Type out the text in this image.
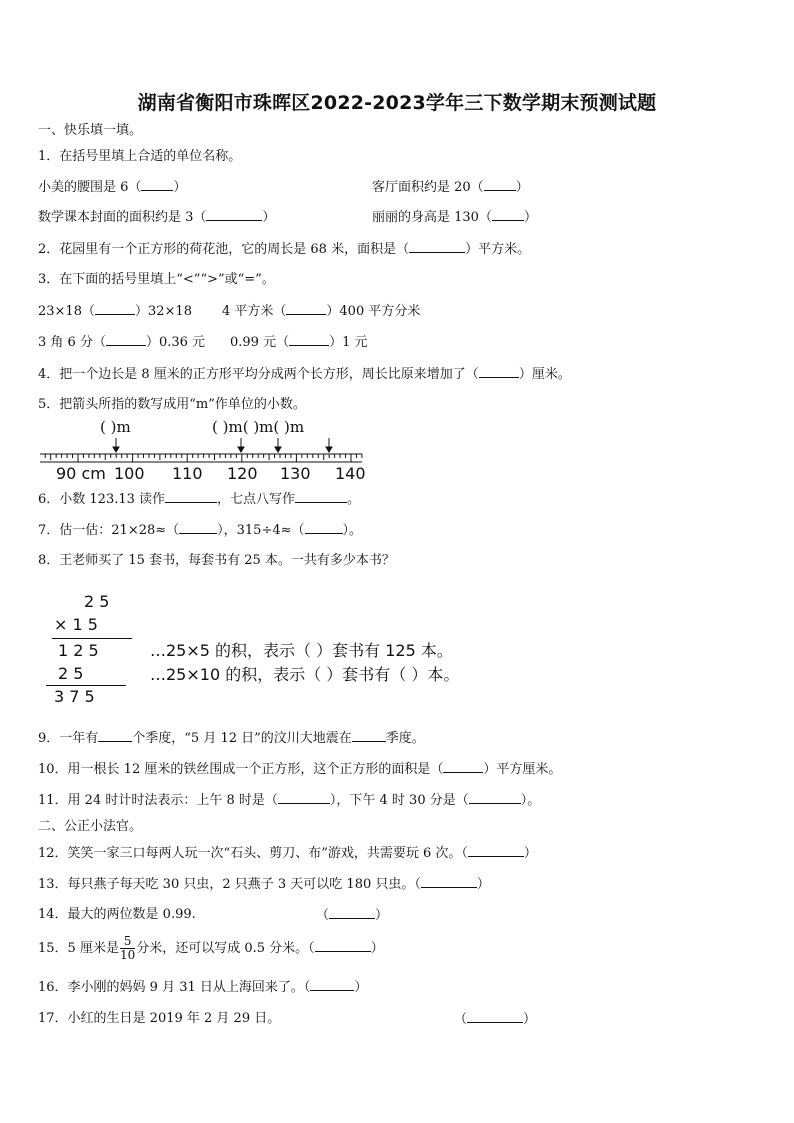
湖南省衡阳市珠晖区2022-2023学年三下数学期末预测试题
一、快乐填一填。
1．在括号里填上合适的单位名称。
小美的腰围是 6（ ）	客厅面积约是 20（ ）
数学课本封面的面积约是 3（	）	丽丽的身高是 130（ ）
2．花园里有一个正方形的荷花池，它的周长是 68 米，面积是（	）平方米。
3．在下面的括号里填上“<”“>”或“=”。
23×18（	）32×18 4 平方米（	）400 平方分米
3 角 6 分（	）0.36 元 0.99 元（	）1 元
4．把一个边长是 8 厘米的正方形平均分成两个长方形，周长比原来增加了（	）厘米。
5．把箭头所指的数写成用“m”作单位的小数。
( )m	( )m( )m( )m
90 cm 100 110 120 130 140
6．小数 123.13 读作	，七点八写作	。
7．估一估：21×28≈（	），315÷4≈（	）。
8．王老师买了 15 套书，每套书有 25 本。一共有多少本书？
2 5
× 1 5
1 2 5
2 5
3 7 5
…25×5 的积，表示（ ）套书有 125 本。
…25×10 的积，表示（ ）套书有（ ）本。
9．一年有	个季度，“5 月 12 日”的汶川大地震在	季度。
10．用一根长 12 厘米的铁丝围成一个正方形，这个正方形的面积是（	）平方厘米。
11．用 24 时计时法表示：上午 8 时是（	），下午 4 时 30 分是（	）。
二、公正小法官。
12．笑笑一家三口每两人玩一次“石头、剪刀、布”游戏，共需要玩 6 次。（	）
13．每只燕子每天吃 30 只虫，2 只燕子 3 天可以吃 180 只虫。（	）
14．最大的两位数是 0.99.	（	）
15．5 厘米是 $\frac{5}{10}$ 分米，还可以写成 0.5 分米。（	）
16．李小刚的妈妈 9 月 31 日从上海回来了。（	）
17．小红的生日是 2019 年 2 月 29 日。	（	）
